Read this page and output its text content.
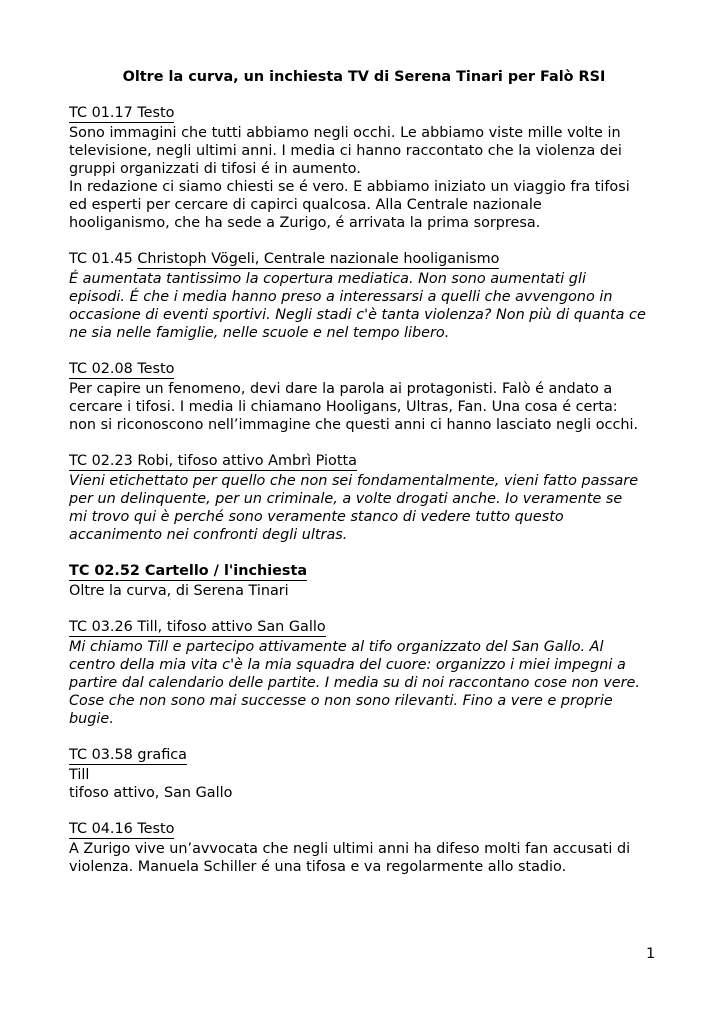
Oltre la curva, un inchiesta TV di Serena Tinari per Falò RSI
TC 01.17 Testo
Sono immagini che tutti abbiamo negli occhi. Le abbiamo viste mille volte in
televisione, negli ultimi anni. I media ci hanno raccontato che la violenza dei
gruppi organizzati di tifosi é in aumento.
In redazione ci siamo chiesti se é vero. E abbiamo iniziato un viaggio fra tifosi
ed esperti per cercare di capirci qualcosa. Alla Centrale nazionale
hooliganismo, che ha sede a Zurigo, é arrivata la prima sorpresa.
TC 01.45 Christoph Vögeli, Centrale nazionale hooliganismo
É aumentata tantissimo la copertura mediatica. Non sono aumentati gli
episodi. É che i media hanno preso a interessarsi a quelli che avvengono in
occasione di eventi sportivi. Negli stadi c'è tanta violenza? Non più di quanta ce
ne sia nelle famiglie, nelle scuole e nel tempo libero.
TC 02.08 Testo
Per capire un fenomeno, devi dare la parola ai protagonisti. Falò é andato a
cercare i tifosi. I media li chiamano Hooligans, Ultras, Fan. Una cosa é certa:
non si riconoscono nell’immagine che questi anni ci hanno lasciato negli occhi.
TC 02.23 Robi, tifoso attivo Ambrì Piotta
Vieni etichettato per quello che non sei fondamentalmente, vieni fatto passare
per un delinquente, per un criminale, a volte drogati anche. Io veramente se
mi trovo qui è perché sono veramente stanco di vedere tutto questo
accanimento nei confronti degli ultras.
TC 02.52 Cartello / l'inchiesta
Oltre la curva, di Serena Tinari
TC 03.26 Till, tifoso attivo San Gallo
Mi chiamo Till e partecipo attivamente al tifo organizzato del San Gallo. Al
centro della mia vita c'è la mia squadra del cuore: organizzo i miei impegni a
partire dal calendario delle partite. I media su di noi raccontano cose non vere.
Cose che non sono mai successe o non sono rilevanti. Fino a vere e proprie
bugie.
TC 03.58 grafica
Till
tifoso attivo, San Gallo
TC 04.16 Testo
A Zurigo vive un’avvocata che negli ultimi anni ha difeso molti fan accusati di
violenza. Manuela Schiller é una tifosa e va regolarmente allo stadio.
1
